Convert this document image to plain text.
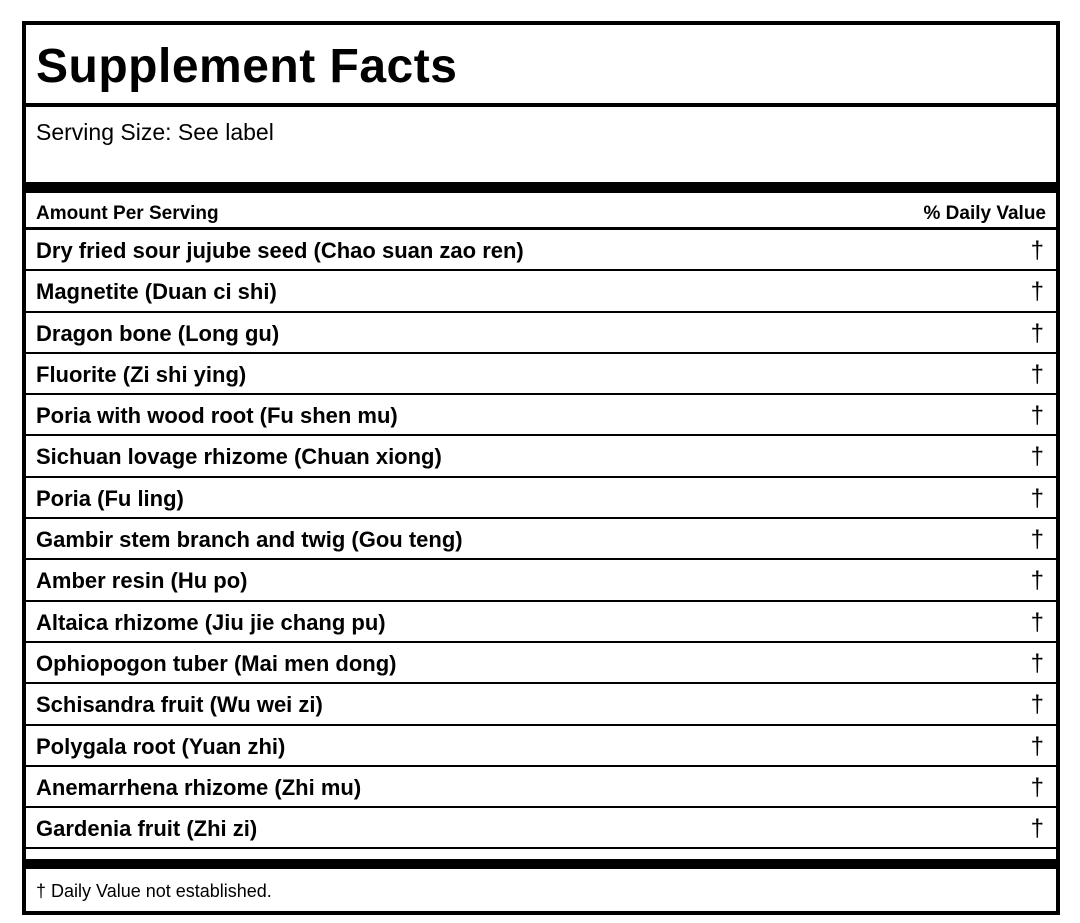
Supplement Facts
Serving Size: See label
Amount Per Serving	% Daily Value
Dry fried sour jujube seed (Chao suan zao ren)	†
Magnetite (Duan ci shi)	†
Dragon bone (Long gu)	†
Fluorite (Zi shi ying)	†
Poria with wood root (Fu shen mu)	†
Sichuan lovage rhizome (Chuan xiong)	†
Poria (Fu ling)	†
Gambir stem branch and twig (Gou teng)	†
Amber resin (Hu po)	†
Altaica rhizome (Jiu jie chang pu)	†
Ophiopogon tuber (Mai men dong)	†
Schisandra fruit (Wu wei zi)	†
Polygala root (Yuan zhi)	†
Anemarrhena rhizome (Zhi mu)	†
Gardenia fruit (Zhi zi)	†
† Daily Value not established.
